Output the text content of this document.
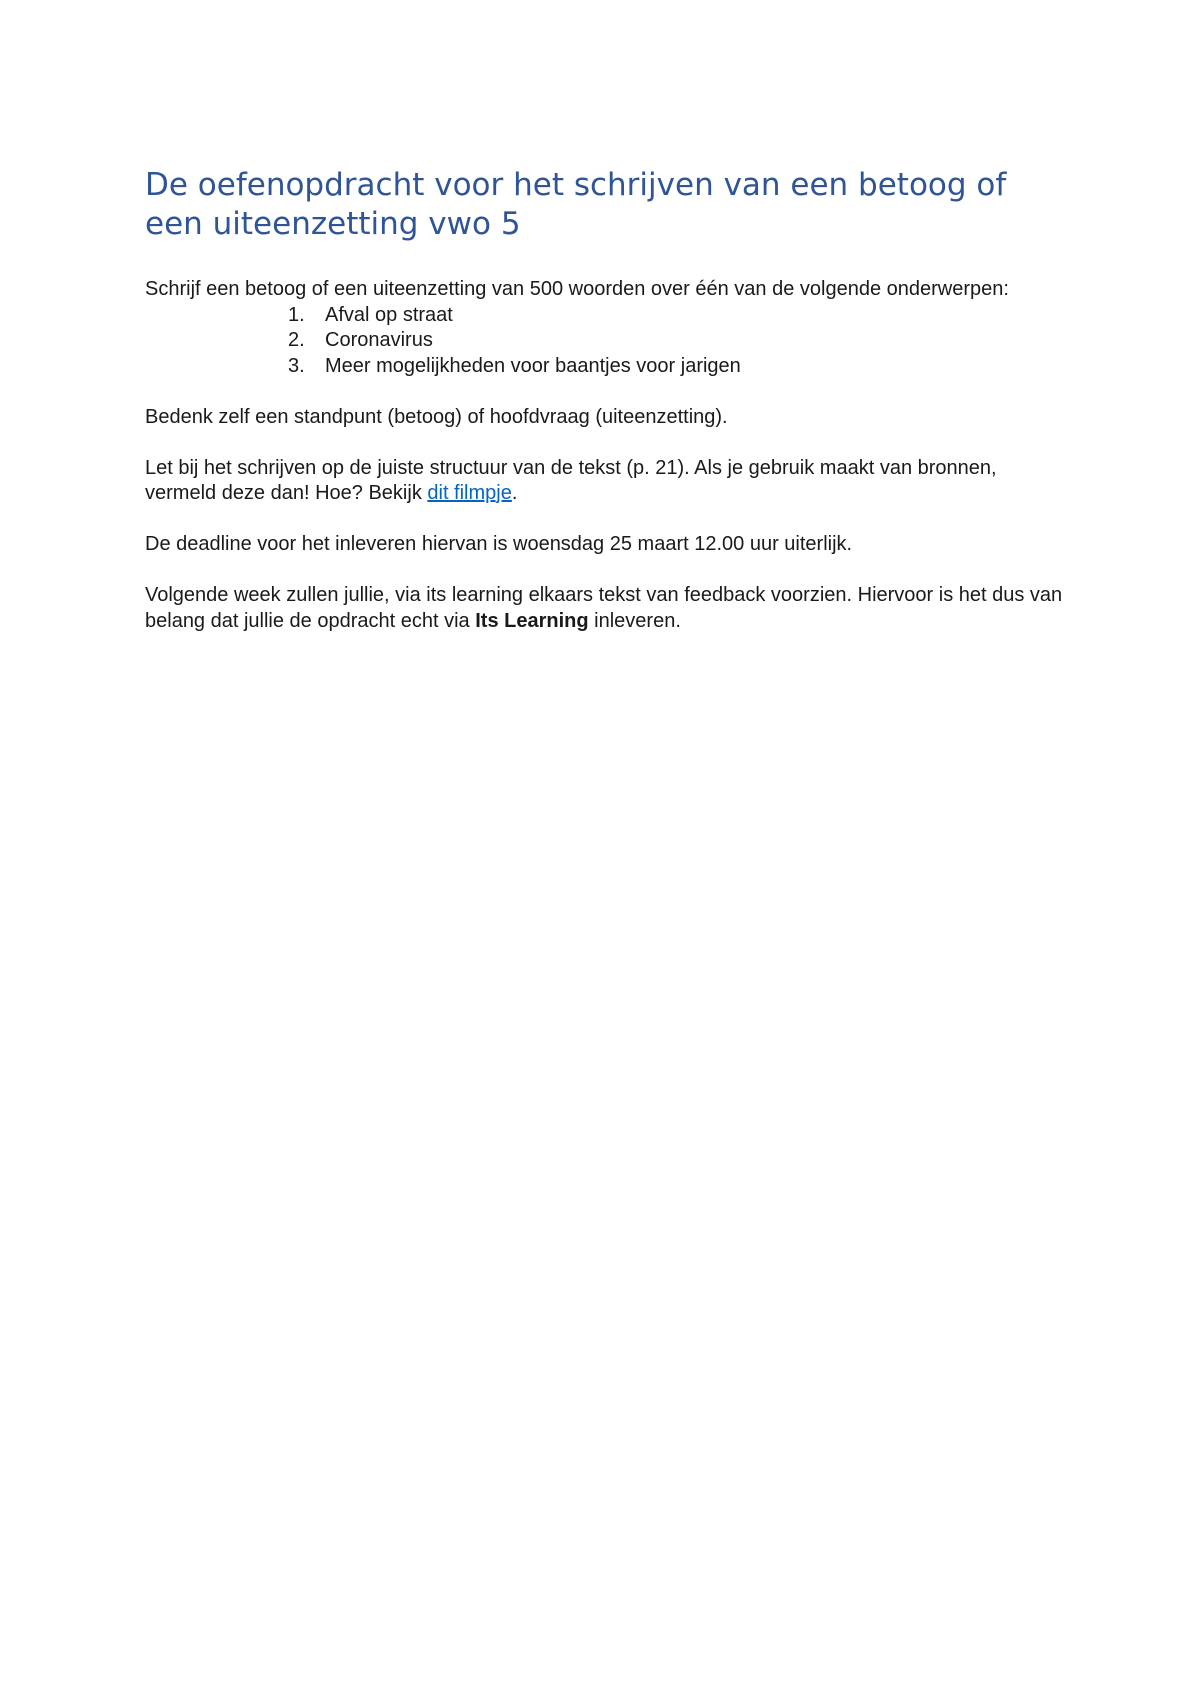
De oefenopdracht voor het schrijven van een betoog of een uiteenzetting vwo 5

Schrijf een betoog of een uiteenzetting van 500 woorden over één van de volgende onderwerpen:

1. Afval op straat
2. Coronavirus
3. Meer mogelijkheden voor baantjes voor jarigen

Bedenk zelf een standpunt (betoog) of hoofdvraag (uiteenzetting).

Let bij het schrijven op de juiste structuur van de tekst (p. 21). Als je gebruik maakt van bronnen, vermeld deze dan! Hoe? Bekijk dit filmpje.

De deadline voor het inleveren hiervan is woensdag 25 maart 12.00 uur uiterlijk.

Volgende week zullen jullie, via its learning elkaars tekst van feedback voorzien. Hiervoor is het dus van belang dat jullie de opdracht echt via Its Learning inleveren.
